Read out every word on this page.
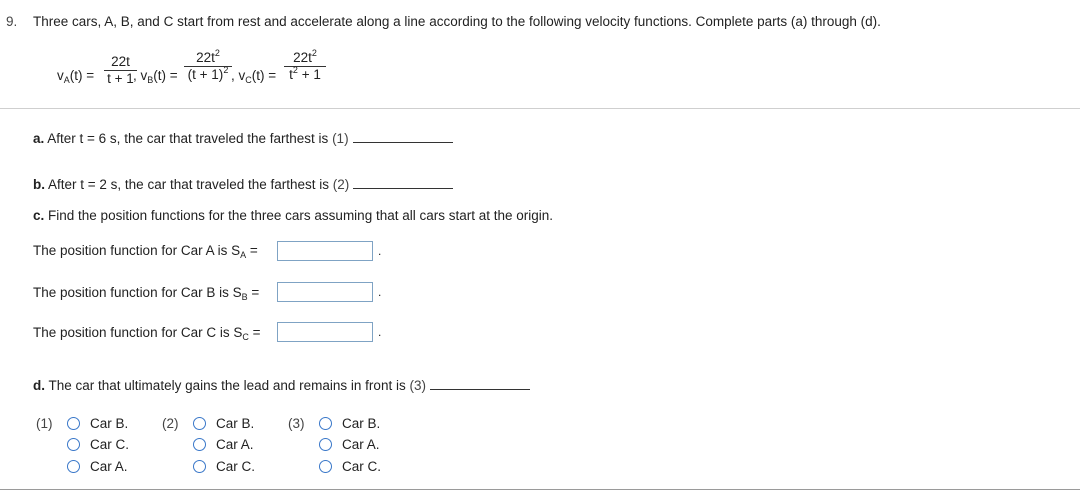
9. Three cars, A, B, and C start from rest and accelerate along a line according to the following velocity functions. Complete parts (a) through (d).
$v_A(t)$ =
22t
t + 1 , $v_B(t)$ =
$22t^2$
$(t + 1)^2$ , $v_C(t)$ =
$22t^2$
$t^2 + 1$
a. After t = 6 s, the car that traveled the farthest is (1)
b. After t = 2 s, the car that traveled the farthest is (2)
c. Find the position functions for the three cars assuming that all cars start at the origin.
The position function for Car A is $S_A$ =	.
The position function for Car B is $S_B$ =	.
The position function for Car C is $S_C$ =	.
d. The car that ultimately gains the lead and remains in front is (3)
(1)	Car B.
Car C.
Car A.
(2)	Car B.
Car A.
Car C.
(3)	Car B.
Car A.
Car C.
